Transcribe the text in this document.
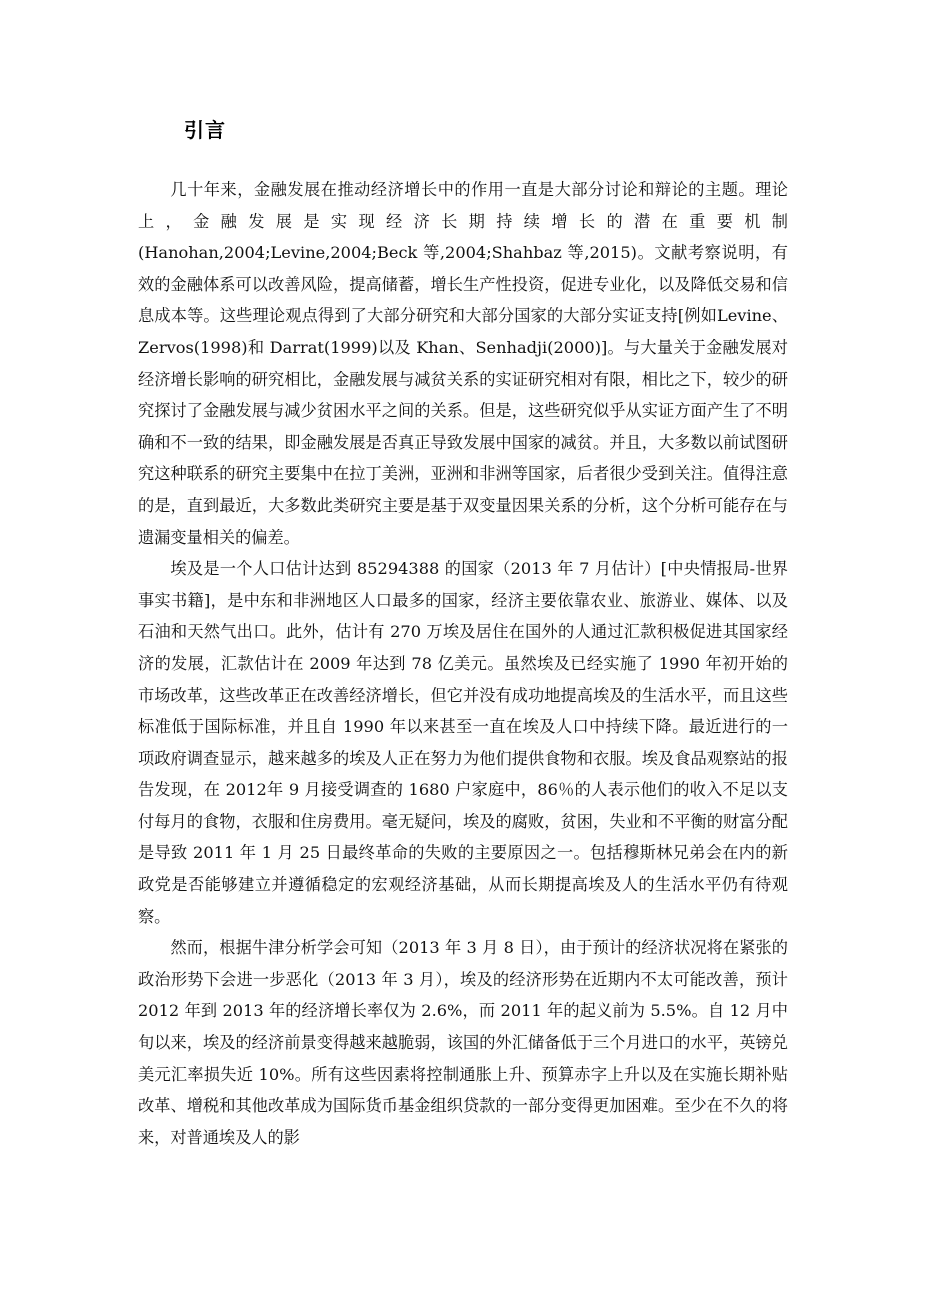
引言

几十年来，金融发展在推动经济增长中的作用一直是大部分讨论和辩论的主题。理论上，金融发展是实现经济长期持续增长的潜在重要机制(Hanohan,2004;Levine,2004;Beck 等,2004;Shahbaz 等,2015)。文献考察说明，有效的金融体系可以改善风险，提高储蓄，增长生产性投资，促进专业化，以及降低交易和信息成本等。这些理论观点得到了大部分研究和大部分国家的大部分实证支持[例如Levine、Zervos(1998)和 Darrat(1999)以及 Khan、Senhadji(2000)]。与大量关于金融发展对经济增长影响的研究相比，金融发展与减贫关系的实证研究相对有限，相比之下，较少的研究探讨了金融发展与减少贫困水平之间的关系。但是，这些研究似乎从实证方面产生了不明确和不一致的结果，即金融发展是否真正导致发展中国家的减贫。并且，大多数以前试图研究这种联系的研究主要集中在拉丁美洲，亚洲和非洲等国家，后者很少受到关注。值得注意的是，直到最近，大多数此类研究主要是基于双变量因果关系的分析，这个分析可能存在与遗漏变量相关的偏差。

埃及是一个人口估计达到 85294388 的国家（2013 年 7 月估计）[中央情报局-世界事实书籍]，是中东和非洲地区人口最多的国家，经济主要依靠农业、旅游业、媒体、以及石油和天然气出口。此外，估计有 270 万埃及居住在国外的人通过汇款积极促进其国家经济的发展，汇款估计在 2009 年达到 78 亿美元。虽然埃及已经实施了 1990 年初开始的市场改革，这些改革正在改善经济增长，但它并没有成功地提高埃及的生活水平，而且这些标准低于国际标准，并且自 1990 年以来甚至一直在埃及人口中持续下降。最近进行的一项政府调查显示，越来越多的埃及人正在努力为他们提供食物和衣服。埃及食品观察站的报告发现，在 2012年 9 月接受调查的 1680 户家庭中，86％的人表示他们的收入不足以支付每月的食物，衣服和住房费用。毫无疑问，埃及的腐败，贫困，失业和不平衡的财富分配是导致 2011 年 1 月 25 日最终革命的失败的主要原因之一。包括穆斯林兄弟会在内的新政党是否能够建立并遵循稳定的宏观经济基础，从而长期提高埃及人的生活水平仍有待观察。

然而，根据牛津分析学会可知（2013 年 3 月 8 日），由于预计的经济状况将在紧张的政治形势下会进一步恶化（2013 年 3 月），埃及的经济形势在近期内不太可能改善，预计 2012 年到 2013 年的经济增长率仅为 2.6%，而 2011 年的起义前为 5.5%。自 12 月中旬以来，埃及的经济前景变得越来越脆弱，该国的外汇储备低于三个月进口的水平，英镑兑美元汇率损失近 10%。所有这些因素将控制通胀上升、预算赤字上升以及在实施长期补贴改革、增税和其他改革成为国际货币基金组织贷款的一部分变得更加困难。至少在不久的将来，对普通埃及人的影
